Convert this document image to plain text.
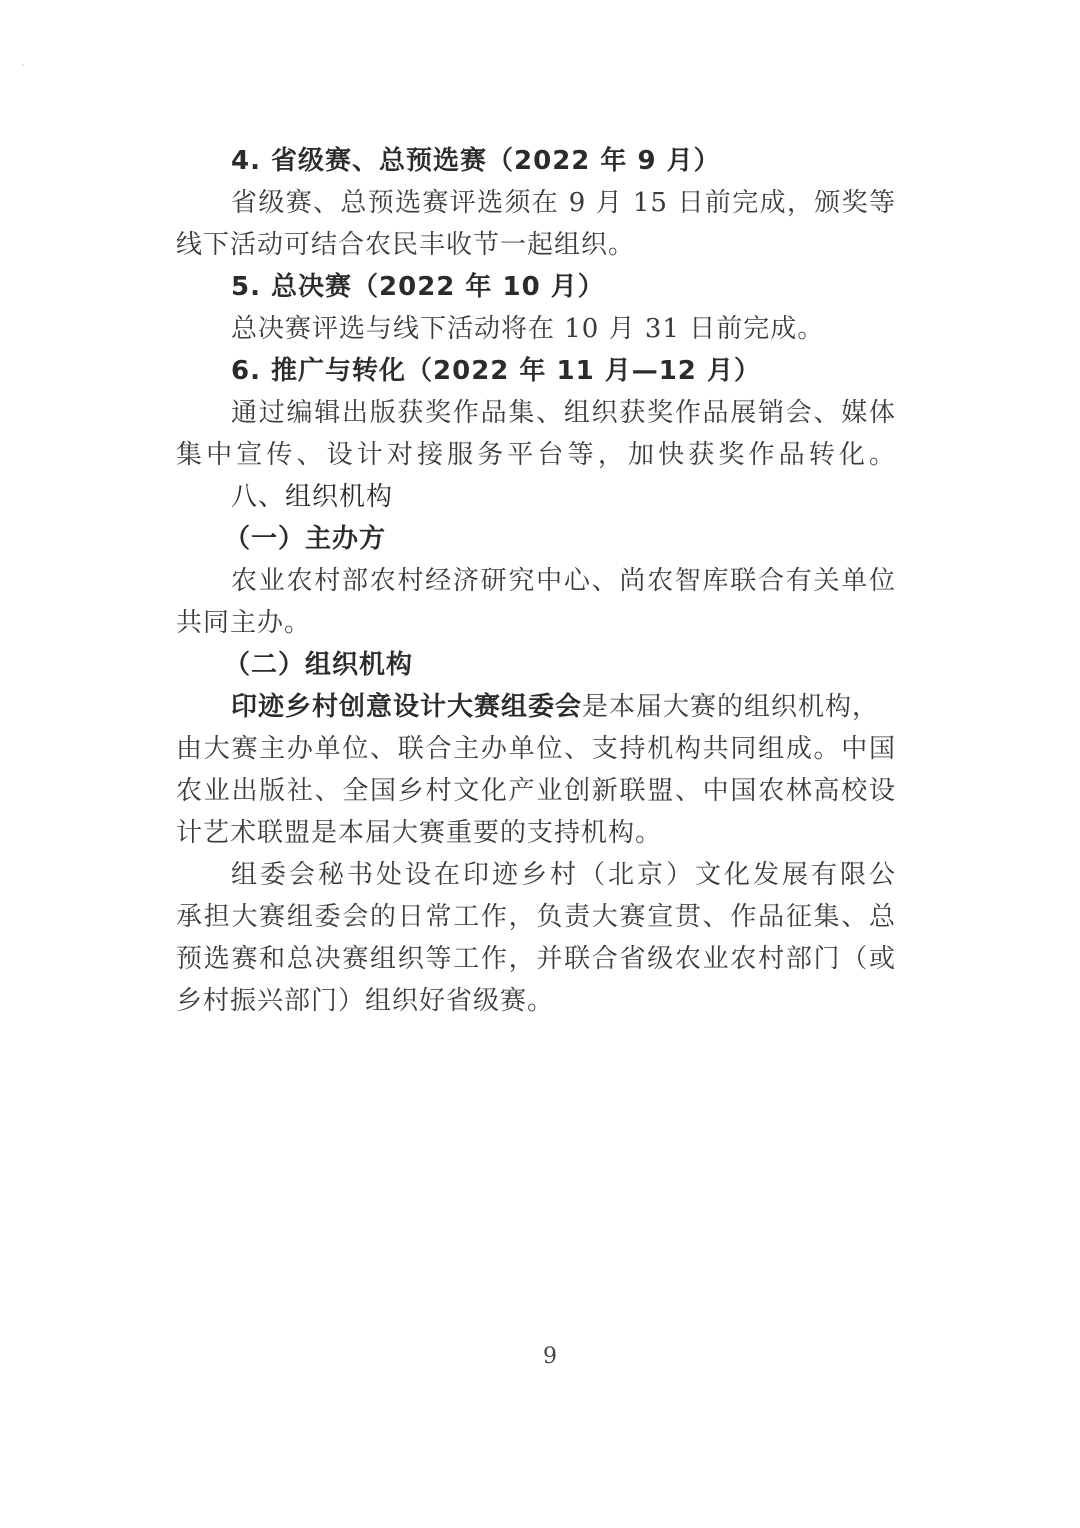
4. 省级赛、总预选赛（2022 年 9 月）
省级赛、总预选赛评选须在 9 月 15 日前完成，颁奖等
线下活动可结合农民丰收节一起组织。
5. 总决赛（2022 年 10 月）
总决赛评选与线下活动将在 10 月 31 日前完成。
6. 推广与转化（2022 年 11 月—12 月）
通过编辑出版获奖作品集、组织获奖作品展销会、媒体
集中宣传、设计对接服务平台等，加快获奖作品转化。
八、组织机构
（一）主办方
农业农村部农村经济研究中心、尚农智库联合有关单位
共同主办。
（二）组织机构
印迹乡村创意设计大赛组委会是本届大赛的组织机构，
由大赛主办单位、联合主办单位、支持机构共同组成。中国
农业出版社、全国乡村文化产业创新联盟、中国农林高校设
计艺术联盟是本届大赛重要的支持机构。
组委会秘书处设在印迹乡村（北京）文化发展有限公
承担大赛组委会的日常工作，负责大赛宣贯、作品征集、总
预选赛和总决赛组织等工作，并联合省级农业农村部门（或
乡村振兴部门）组织好省级赛。
9
